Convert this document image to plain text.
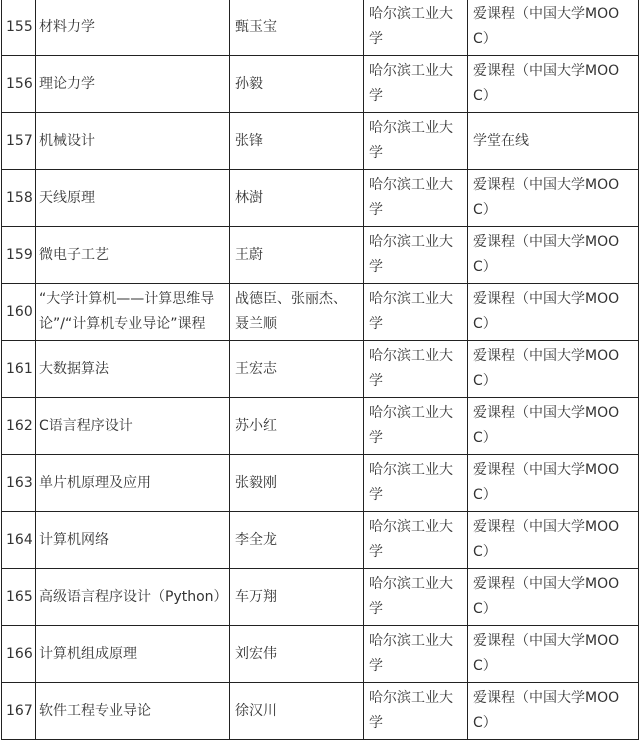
155	材料力学	甄玉宝	哈尔滨工业大学	爱课程（中国大学MOOC）

156	理论力学	孙毅	哈尔滨工业大学	爱课程（中国大学MOOC）

157	机械设计	张锋	哈尔滨工业大学	学堂在线

158	天线原理	林澍	哈尔滨工业大学	爱课程（中国大学MOOC）

159	微电子工艺	王蔚	哈尔滨工业大学	爱课程（中国大学MOOC）

160	“大学计算机——计算思维导论”/“计算机专业导论”课程	战德臣、张丽杰、聂兰顺	哈尔滨工业大学	爱课程（中国大学MOOC）

161	大数据算法	王宏志	哈尔滨工业大学	爱课程（中国大学MOOC）

162	C语言程序设计	苏小红	哈尔滨工业大学	爱课程（中国大学MOOC）

163	单片机原理及应用	张毅刚	哈尔滨工业大学	爱课程（中国大学MOOC）

164	计算机网络	李全龙	哈尔滨工业大学	爱课程（中国大学MOOC）

165	高级语言程序设计（Python）	车万翔	哈尔滨工业大学	爱课程（中国大学MOOC）

166	计算机组成原理	刘宏伟	哈尔滨工业大学	爱课程（中国大学MOOC）

167	软件工程专业导论	徐汉川	哈尔滨工业大学	爱课程（中国大学MOOC）
